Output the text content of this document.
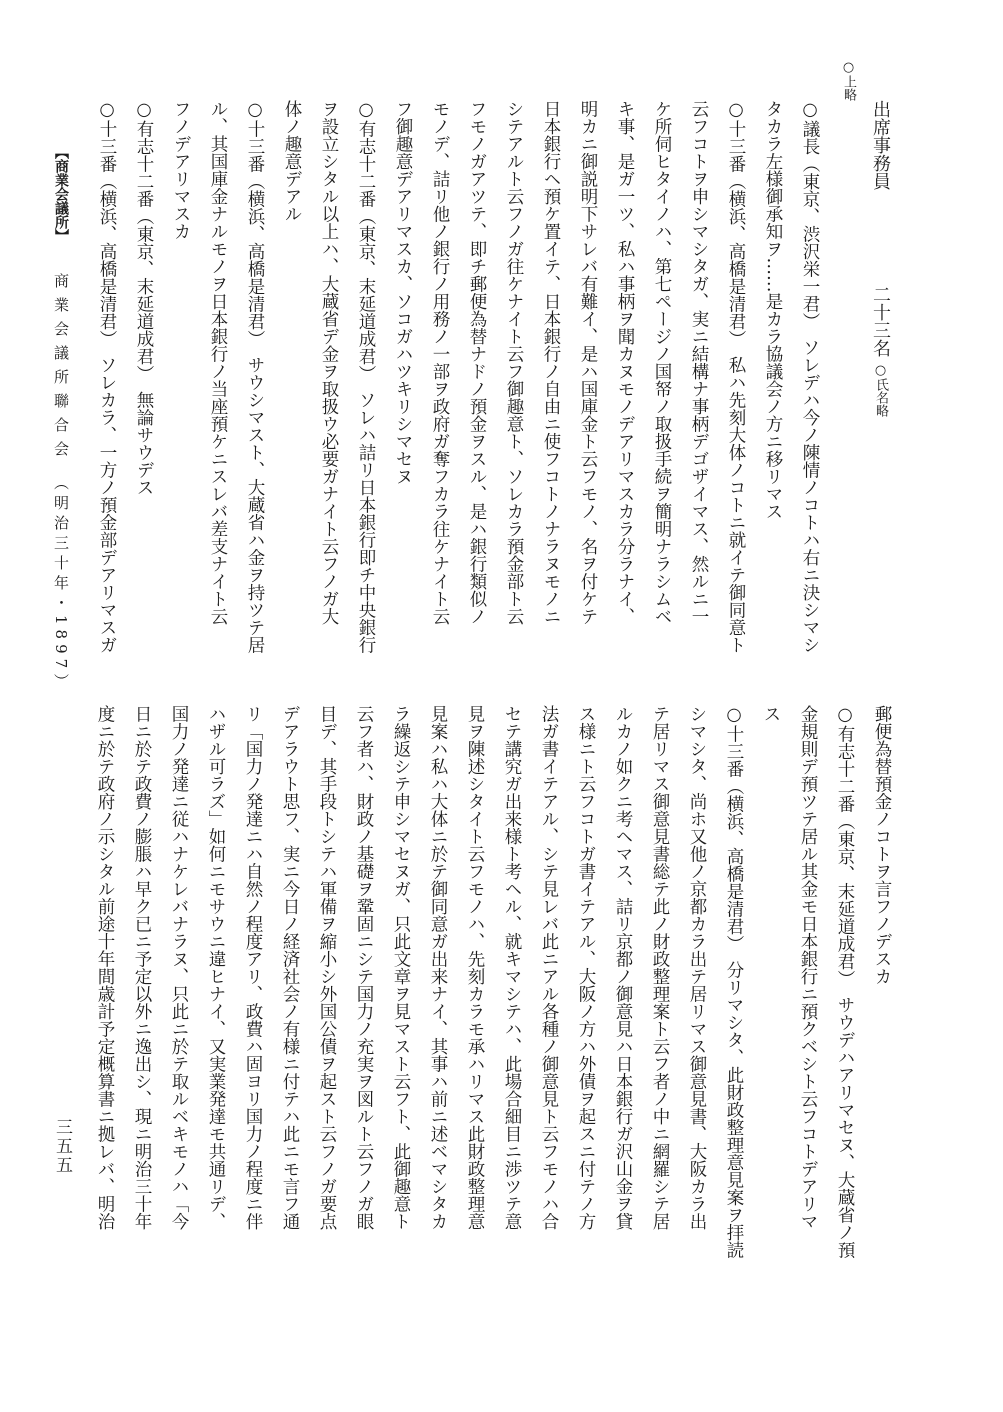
○上略
出席事務員二十三名○氏名略
○議長（東京、渋沢栄一君）　ソレデハ今ノ陳情ノコトハ右ニ決シマシ
タカラ左様御承知ヲ……是カラ協議会ノ方ニ移リマス
○十三番（横浜、高橋是清君）　私ハ先刻大体ノコトニ就イテ御同意ト
云フコトヲ申シマシタガ、実ニ結構ナ事柄デゴザイマス、然ルニ一
ケ所伺ヒタイノハ、第七ページノ国帑ノ取扱手続ヲ簡明ナラシムベ
キ事、是ガ一ツ、私ハ事柄ヲ聞カヌモノデアリマスカラ分ラナイ、
明カニ御説明下サレバ有難イ、是ハ国庫金ト云フモノ、名ヲ付ケテ
日本銀行ヘ預ケ置イテ、日本銀行ノ自由ニ使フコトノナラヌモノニ
シテアルト云フノガ往ケナイト云フ御趣意ト、ソレカラ預金部ト云
フモノガアツテ、即チ郵便為替ナドノ預金ヲスル、是ハ銀行類似ノ
モノデ、詰リ他ノ銀行ノ用務ノ一部ヲ政府ガ奪フカラ往ケナイト云
フ御趣意デアリマスカ、ソコガハツキリシマセヌ
○有志十二番（東京、末延道成君）　ソレハ詰リ日本銀行即チ中央銀行
ヲ設立シタル以上ハ、大蔵省デ金ヲ取扱ウ必要ガナイト云フノガ大
体ノ趣意デアル
○十三番（横浜、高橋是清君）　サウシマスト、大蔵省ハ金ヲ持ツテ居
ル、其国庫金ナルモノヲ日本銀行ノ当座預ケニスレバ差支ナイト云
フノデアリマスカ
○有志十二番（東京、末延道成君）　無論サウデス
○十三番（横浜、高橋是清君）　ソレカラ、一方ノ預金部デアリマスガ
郵便為替預金ノコトヲ言フノデスカ
○有志十二番（東京、末延道成君）　サウデハアリマセヌ、大蔵省ノ預
金規則デ預ツテ居ル其金モ日本銀行ニ預クベシト云フコトデアリマ
ス
○十三番（横浜、高橋是清君）　分リマシタ、此財政整理意見案ヲ拝読
シマシタ、尚ホ又他ノ京都カラ出テ居リマス御意見書、大阪カラ出
テ居リマス御意見書総テ此ノ財政整理案ト云フ者ノ中ニ網羅シテ居
ルカノ如クニ考ヘマス、詰リ京都ノ御意見ハ日本銀行ガ沢山金ヲ貸
ス様ニト云フコトガ書イテアル、大阪ノ方ハ外債ヲ起スニ付テノ方
法ガ書イテアル、シテ見レバ此ニアル各種ノ御意見ト云フモノハ合
セテ講究ガ出来様ト考ヘル、就キマシテハ、此場合細目ニ渉ツテ意
見ヲ陳述シタイト云フモノハ、先刻カラモ承ハリマス此財政整理意
見案ハ私ハ大体ニ於テ御同意ガ出来ナイ、其事ハ前ニ述ベマシタカ
ラ繰返シテ申シマセヌガ、只此文章ヲ見マスト云フト、此御趣意ト
云フ者ハ、財政ノ基礎ヲ鞏固ニシテ国力ノ充実ヲ図ルト云フノガ眼
目デ、其手段トシテハ軍備ヲ縮小シ外国公債ヲ起スト云フノガ要点
デアラウト思フ、実ニ今日ノ経済社会ノ有様ニ付テハ此ニモ言フ通
リ「国力ノ発達ニハ自然ノ程度アリ、政費ハ固ヨリ国力ノ程度ニ伴
ハザル可ラズ」如何ニモサウニ違ヒナイ、又実業発達モ共通リデ、
国力ノ発達ニ従ハナケレバナラヌ、只此ニ於テ取ルベキモノハ「今
日ニ於テ政費ノ膨脹ハ早ク已ニ予定以外ニ逸出シ、現ニ明治三十年
度ニ於テ政府ノ示シタル前途十年間歳計予定概算書ニ拠レバ、明治
【商業会議所】商業会議所聯合会（明治三十年・1897）
三五五
